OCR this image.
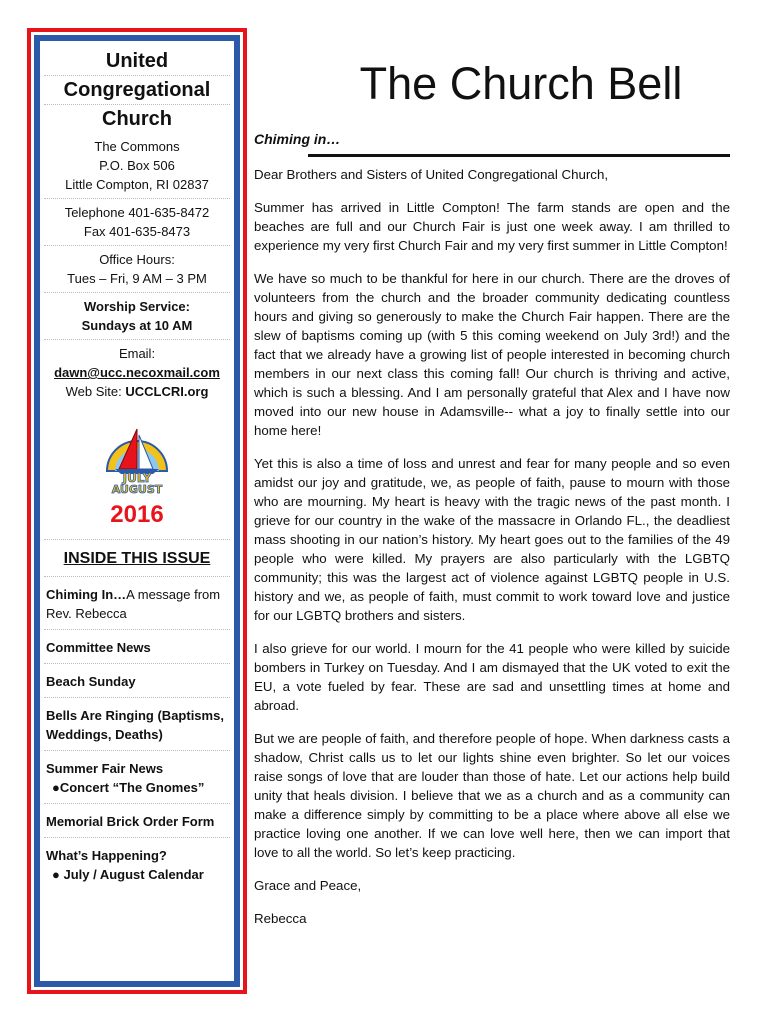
United
Congregational
Church
The Commons
P.O. Box 506
Little Compton, RI 02837
Telephone 401-635-8472
Fax 401-635-8473
Office Hours:
Tues – Fri, 9 AM – 3 PM
Worship Service:
Sundays at 10 AM
Email:
dawn@ucc.necoxmail.com
Web Site: UCCLCRI.org
JULY
AUGUST
2016
INSIDE THIS ISSUE
Chiming In…A message from Rev. Rebecca
Committee News
Beach Sunday
Bells Are Ringing (Baptisms, Weddings, Deaths)
Summer Fair News
●Concert “The Gnomes”
Memorial Brick Order Form
What’s Happening?
● July / August Calendar
The Church Bell
Chiming in…

Dear Brothers and Sisters of United Congregational Church,

Summer has arrived in Little Compton! The farm stands are open and the beaches are full and our Church Fair is just one week away. I am thrilled to experience my very first Church Fair and my very first summer in Little Compton!

We have so much to be thankful for here in our church. There are the droves of volunteers from the church and the broader community dedicating countless hours and giving so generously to make the Church Fair happen. There are the slew of baptisms coming up (with 5 this coming weekend on July 3rd!) and the fact that we already have a growing list of people interested in becoming church members in our next class this coming fall! Our church is thriving and active, which is such a blessing. And I am personally grateful that Alex and I have now moved into our new house in Adamsville-- what a joy to finally settle into our home here!

Yet this is also a time of loss and unrest and fear for many people and so even amidst our joy and gratitude, we, as people of faith, pause to mourn with those who are mourning. My heart is heavy with the tragic news of the past month. I grieve for our country in the wake of the massacre in Orlando FL., the deadliest mass shooting in our nation’s history. My heart goes out to the families of the 49 people who were killed. My prayers are also particularly with the LGBTQ community; this was the largest act of violence against LGBTQ people in U.S. history and we, as people of faith, must commit to work toward love and justice for our LGBTQ brothers and sisters.

I also grieve for our world. I mourn for the 41 people who were killed by suicide bombers in Turkey on Tuesday. And I am dismayed that the UK voted to exit the EU, a vote fueled by fear. These are sad and unsettling times at home and abroad.

But we are people of faith, and therefore people of hope. When darkness casts a shadow, Christ calls us to let our lights shine even brighter. So let our voices raise songs of love that are louder than those of hate. Let our actions help build unity that heals division. I believe that we as a church and as a community can make a difference simply by committing to be a place where above all else we practice loving one another. If we can love well here, then we can import that love to all the world. So let’s keep practicing.

Grace and Peace,

Rebecca
